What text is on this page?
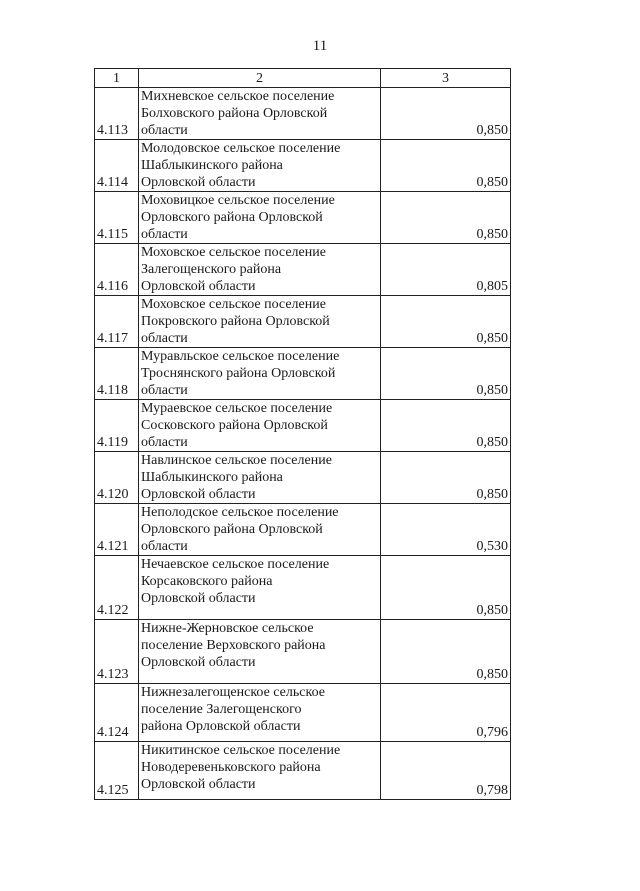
11
1	2	3
4.113	Михневское сельское поселение
Болховского района Орловской
области	0,850
4.114	Молодовское сельское поселение
Шаблыкинского района
Орловской области	0,850
4.115	Моховицкое сельское поселение
Орловского района Орловской
области	0,850
4.116	Моховское сельское поселение
Залегощенского района
Орловской области	0,805
4.117	Моховское сельское поселение
Покровского района Орловской
области	0,850
4.118	Муравльское сельское поселение
Троснянского района Орловской
области	0,850
4.119	Мураевское сельское поселение
Сосковского района Орловской
области	0,850
4.120	Навлинское сельское поселение
Шаблыкинского района
Орловской области	0,850
4.121	Неполодское сельское поселение
Орловского района Орловской
области	0,530
4.122	Нечаевское сельское поселение
Корсаковского района
Орловской области	0,850
4.123	Нижне-Жерновское сельское
поселение Верховского района
Орловской области	0,850
4.124	Нижнезалегощенское сельское
поселение Залегощенского
района Орловской области	0,796
4.125	Никитинское сельское поселение
Новодеревеньковского района
Орловской области	0,798
